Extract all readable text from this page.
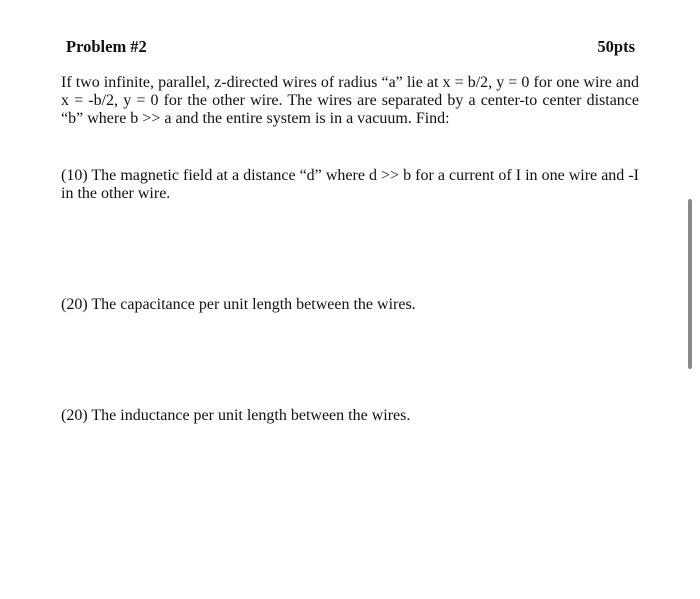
Problem #2	50pts
If two infinite, parallel, z-directed wires of radius “a” lie at x = b/2, y = 0 for one wire and x = -b/2, y = 0 for the other wire. The wires are separated by a center-to center distance “b” where b >> a and the entire system is in a vacuum. Find:
(10) The magnetic field at a distance “d” where d >> b for a current of I in one wire and -I in the other wire.
(20) The capacitance per unit length between the wires.
(20) The inductance per unit length between the wires.
